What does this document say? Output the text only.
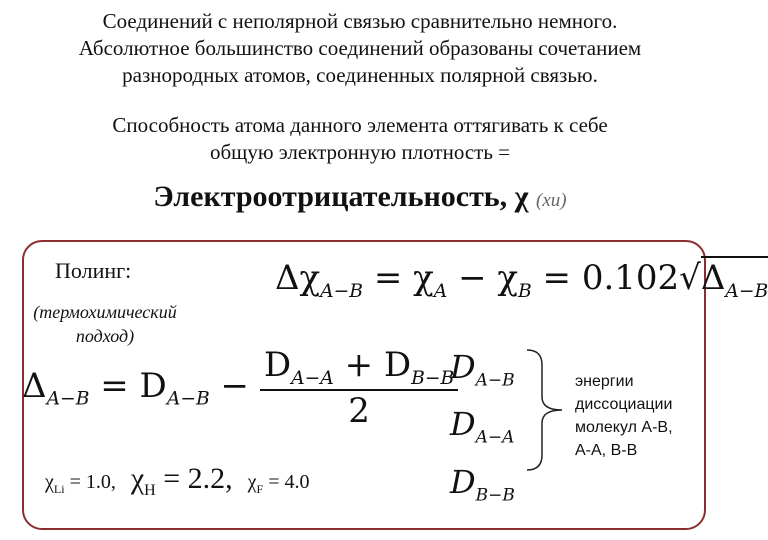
Соединений с неполярной связью сравнительно немного.
Абсолютное большинство соединений образованы сочетанием
разнородных атомов, соединенных полярной связью.
Способность атома данного элемента оттягивать к себе
общую электронную плотность =
Электроотрицательность, χ (хи)
Полинг:
(термохимический
подход)
$\Delta\chi_{A-B} = \chi_A - \chi_B = 0.102√\Delta_{A-B}$
$\Delta_{A-B} = D_{A-B} - \frac{D_{A-A} + D_{B-B}}{2}$
$D_{A-B}$
$D_{A-A}$
$D_{B-B}$
энергии
диссоциации
молекул A-B,
A-A, B-B
$\chi_{Li} = 1.0$, $\chi_H = 2.2$, $\chi_F = 4.0$
